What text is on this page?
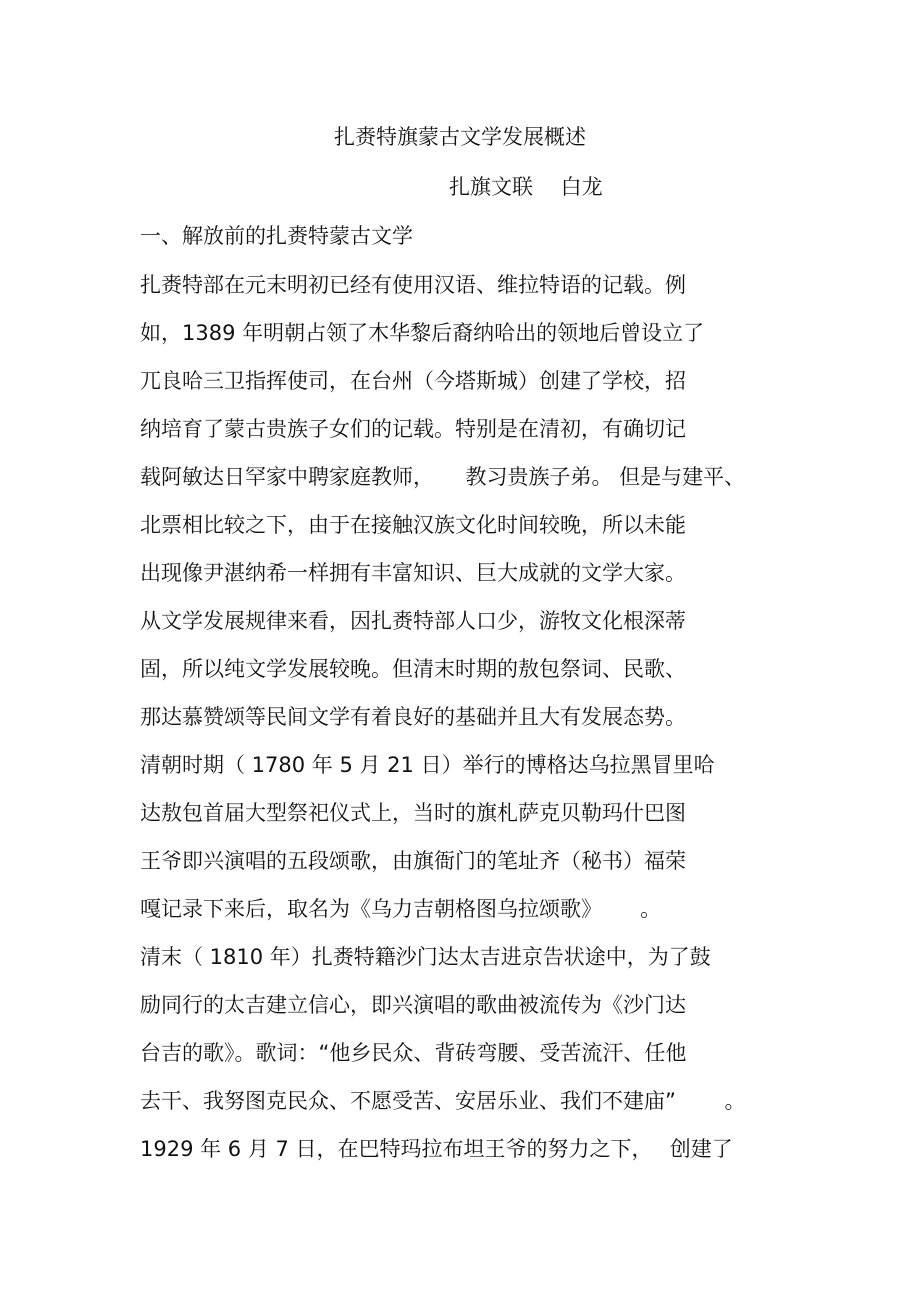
扎赉特旗蒙古文学发展概述
扎旗文联　 白龙
一、解放前的扎赉特蒙古文学
扎赉特部在元末明初已经有使用汉语、维拉特语的记载。例
如，1389 年明朝占领了木华黎后裔纳哈出的领地后曾设立了
兀良哈三卫指挥使司，在台州（今塔斯城）创建了学校，招
纳培育了蒙古贵族子女们的记载。特别是在清初，有确切记
载阿敏达日罕家中聘家庭教师，　　教习贵族子弟。 但是与建平、
北票相比较之下，由于在接触汉族文化时间较晚，所以未能
出现像尹湛纳希一样拥有丰富知识、巨大成就的文学大家。
从文学发展规律来看，因扎赉特部人口少，游牧文化根深蒂
固，所以纯文学发展较晚。但清末时期的敖包祭词、民歌、
那达慕赞颂等民间文学有着良好的基础并且大有发展态势。
清朝时期（ 1780 年 5 月 21 日）举行的博格达乌拉黑冒里哈
达敖包首届大型祭祀仪式上，当时的旗札萨克贝勒玛什巴图
王爷即兴演唱的五段颂歌，由旗衙门的笔址齐（秘书）福荣
嘎记录下来后，取名为《乌力吉朝格图乌拉颂歌》　　 。
清末（ 1810 年）扎赉特籍沙门达太吉进京告状途中，为了鼓
励同行的太吉建立信心，即兴演唱的歌曲被流传为《沙门达
台吉的歌》。歌词：“他乡民众、背砖弯腰、受苦流汗、任他
去干、我努图克民众、不愿受苦、安居乐业、我们不建庙”　　 。
1929 年 6 月 7 日，在巴特玛拉布坦王爷的努力之下，　 创建了
